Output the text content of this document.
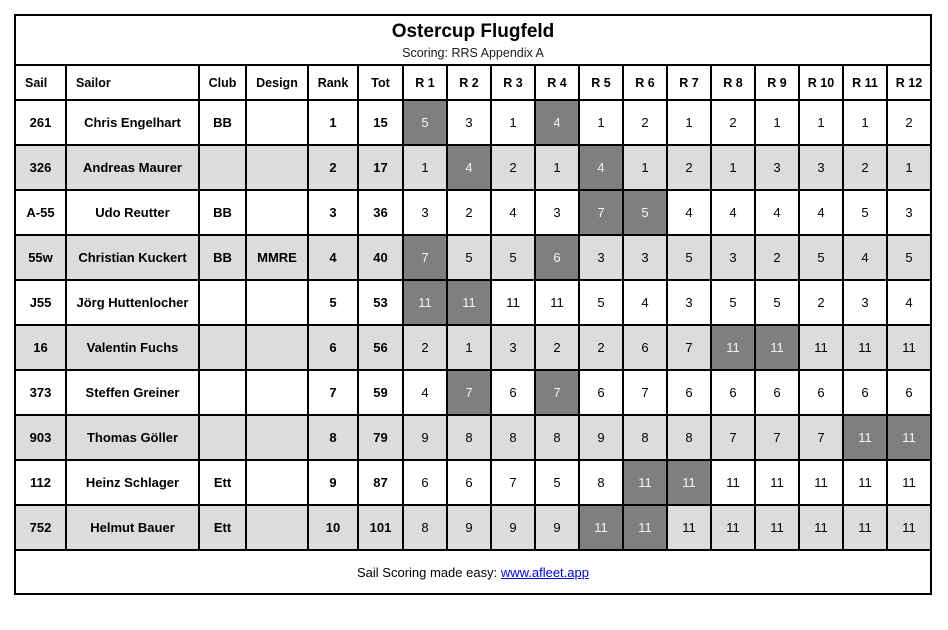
Ostercup Flugfeld
Scoring: RRS Appendix A																	

Sail	Sailor	Club	Design	Rank	Tot	R 1	R 2	R 3	R 4	R 5	R 6	R 7	R 8	R 9	R 10	R 11	R 12
261	Chris Engelhart	BB		1	15	5	3	1	4	1	2	1	2	1	1	1	2
326	Andreas Maurer			2	17	1	4	2	1	4	1	2	1	3	3	2	1
A-55	Udo Reutter	BB		3	36	3	2	4	3	7	5	4	4	4	4	5	3
55w	Christian Kuckert	BB	MMRE	4	40	7	5	5	6	3	3	5	3	2	5	4	5
J55	Jörg Huttenlocher			5	53	11	11	11	11	5	4	3	5	5	2	3	4
16	Valentin Fuchs			6	56	2	1	3	2	2	6	7	11	11	11	11	11
373	Steffen Greiner			7	59	4	7	6	7	6	7	6	6	6	6	6	6
903	Thomas Göller			8	79	9	8	8	8	9	8	8	7	7	7	11	11
112	Heinz Schlager	Ett		9	87	6	6	7	5	8	11	11	11	11	11	11	11
752	Helmut Bauer	Ett		10	101	8	9	9	9	11	11	11	11	11	11	11	11
Sail Scoring made easy: www.afleet.app																	
